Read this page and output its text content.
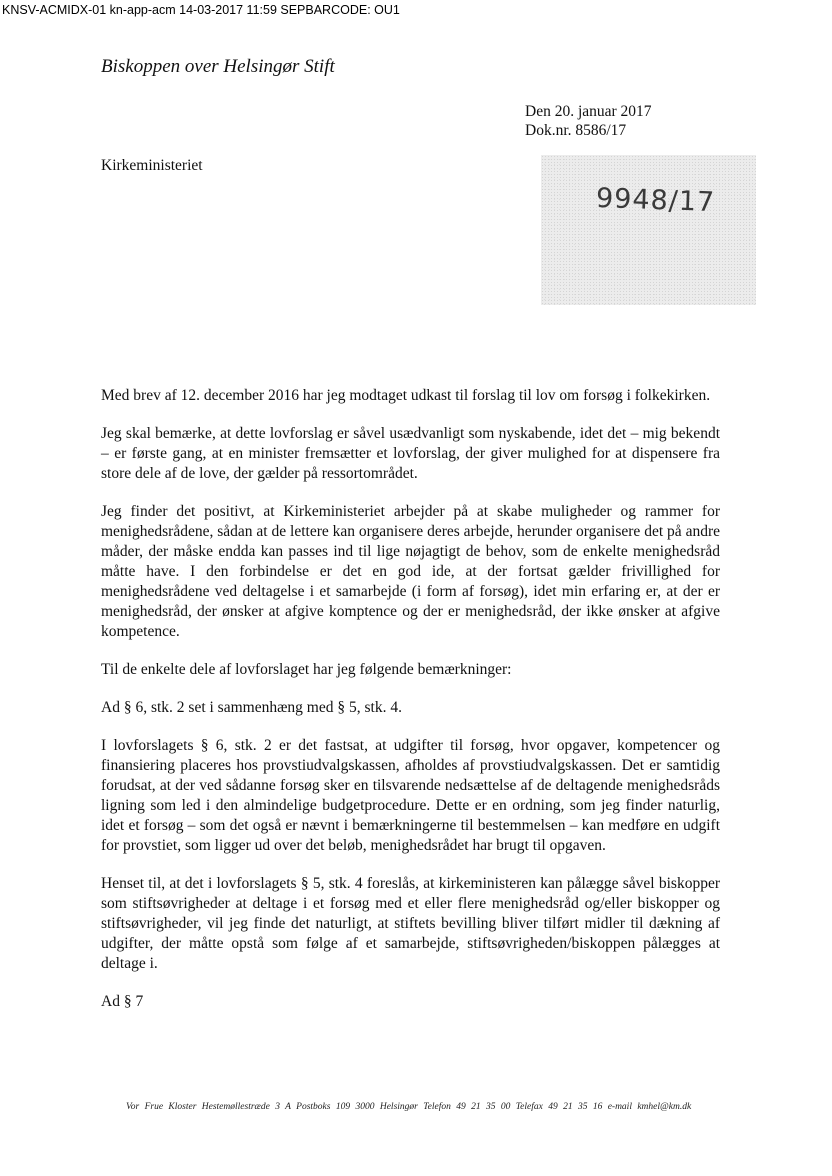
KNSV-ACMIDX-01 kn-app-acm 14-03-2017 11:59 SEPBARCODE: OU1
Biskoppen over Helsingør Stift
Den 20. januar 2017
Dok.nr. 8586/17
Kirkeministeriet
9948/17

Med brev af 12. december 2016 har jeg modtaget udkast til forslag til lov om forsøg i folkekirken.

Jeg skal bemærke, at dette lovforslag er såvel usædvanligt som nyskabende, idet det – mig bekendt – er første gang, at en minister fremsætter et lovforslag, der giver mulighed for at dispensere fra store dele af de love, der gælder på ressortområdet.

Jeg finder det positivt, at Kirkeministeriet arbejder på at skabe muligheder og rammer for menighedsrådene, sådan at de lettere kan organisere deres arbejde, herunder organisere det på andre måder, der måske endda kan passes ind til lige nøjagtigt de behov, som de enkelte menighedsråd måtte have. I den forbindelse er det en god ide, at der fortsat gælder frivillighed for menighedsrådene ved deltagelse i et samarbejde (i form af forsøg), idet min erfaring er, at der er menighedsråd, der ønsker at afgive komptence og der er menighedsråd, der ikke ønsker at afgive kompetence.

Til de enkelte dele af lovforslaget har jeg følgende bemærkninger:

Ad § 6, stk. 2 set i sammenhæng med § 5, stk. 4.

I lovforslagets § 6, stk. 2 er det fastsat, at udgifter til forsøg, hvor opgaver, kompetencer og finansiering placeres hos provstiudvalgskassen, afholdes af provstiudvalgskassen. Det er samtidig forudsat, at der ved sådanne forsøg sker en tilsvarende nedsættelse af de deltagende menighedsråds ligning som led i den almindelige budgetprocedure. Dette er en ordning, som jeg finder naturlig, idet et forsøg – som det også er nævnt i bemærkningerne til bestemmelsen – kan medføre en udgift for provstiet, som ligger ud over det beløb, menighedsrådet har brugt til opgaven.

Henset til, at det i lovforslagets § 5, stk. 4 foreslås, at kirkeministeren kan pålægge såvel biskopper som stiftsøvrigheder at deltage i et forsøg med et eller flere menighedsråd og/eller biskopper og stiftsøvrigheder, vil jeg finde det naturligt, at stiftets bevilling bliver tilført midler til dækning af udgifter, der måtte opstå som følge af et samarbejde, stiftsøvrigheden/biskoppen pålægges at deltage i.

Ad § 7

Vor Frue Kloster Hestemøllestræde 3 A Postboks 109 3000 Helsingør Telefon 49 21 35 00 Telefax 49 21 35 16 e-mail kmhel@km.dk
